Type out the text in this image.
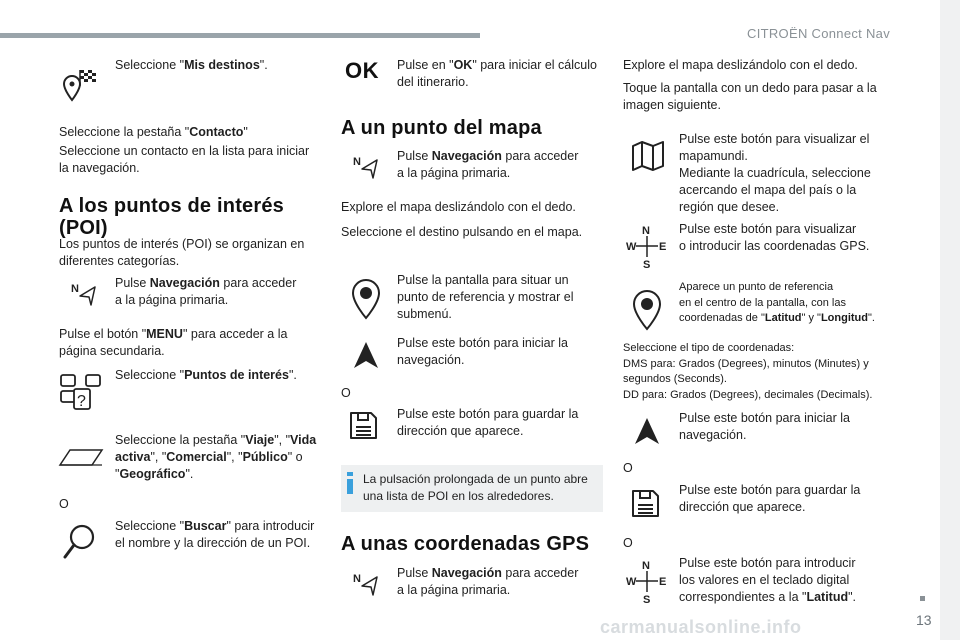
CITROËN Connect Nav
13
Seleccione "Mis destinos".
Seleccione la pestaña "Contacto"
Seleccione un contacto en la lista para iniciar
la navegación.
A los puntos de interés
(POI)
Los puntos de interés (POI) se organizan en
diferentes categorías.
N	Pulse Navegación para acceder
a la página primaria.
Pulse el botón "MENU" para acceder a la
página secundaria.
?
Seleccione "Puntos de interés".
Seleccione la pestaña "Viaje", "Vida
activa", "Comercial", "Público" o
"Geográfico".
O
Seleccione "Buscar" para introducir
el nombre y la dirección de un POI.
OK Pulse en "OK" para iniciar el cálculo
del itinerario.
A un punto del mapa
N	Pulse Navegación para acceder
a la página primaria.
Explore el mapa deslizándolo con el dedo.
Seleccione el destino pulsando en el mapa.
Pulse la pantalla para situar un
punto de referencia y mostrar el
submenú.
Pulse este botón para iniciar la
navegación.
O
Pulse este botón para guardar la
dirección que aparece.
La pulsación prolongada de un punto abre
una lista de POI en los alrededores.
A unas coordenadas GPS
N	Pulse Navegación para acceder
a la página primaria.
Explore el mapa deslizándolo con el dedo.
Toque la pantalla con un dedo para pasar a la
imagen siguiente.
Pulse este botón para visualizar el
mapamundi.
Mediante la cuadrícula, seleccione
acercando el mapa del país o la
región que desee.
N
W E
S
Pulse este botón para visualizar
o introducir las coordenadas GPS.
Aparece un punto de referencia
en el centro de la pantalla, con las
coordenadas de "Latitud" y "Longitud".
Seleccione el tipo de coordenadas:
DMS para: Grados (Degrees), minutos (Minutes) y
segundos (Seconds).
DD para: Grados (Degrees), decimales (Decimals).
Pulse este botón para iniciar la
navegación.
O
Pulse este botón para guardar la
dirección que aparece.
O
N
W E
S
Pulse este botón para introducir
los valores en el teclado digital
correspondientes a la "Latitud".
carmanualsonline.info
